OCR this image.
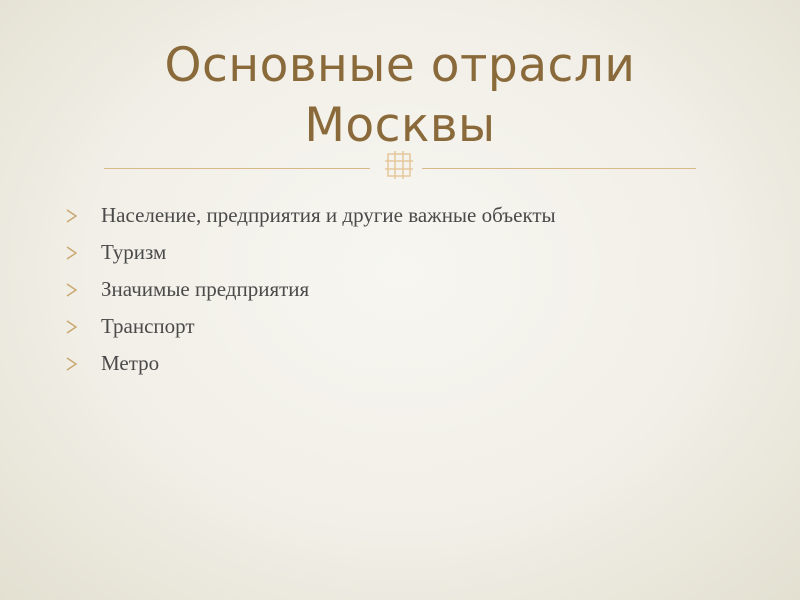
Основные отрасли
Москвы
Население, предприятия и другие важные объекты
Туризм
Значимые предприятия
Транспорт
Метро
